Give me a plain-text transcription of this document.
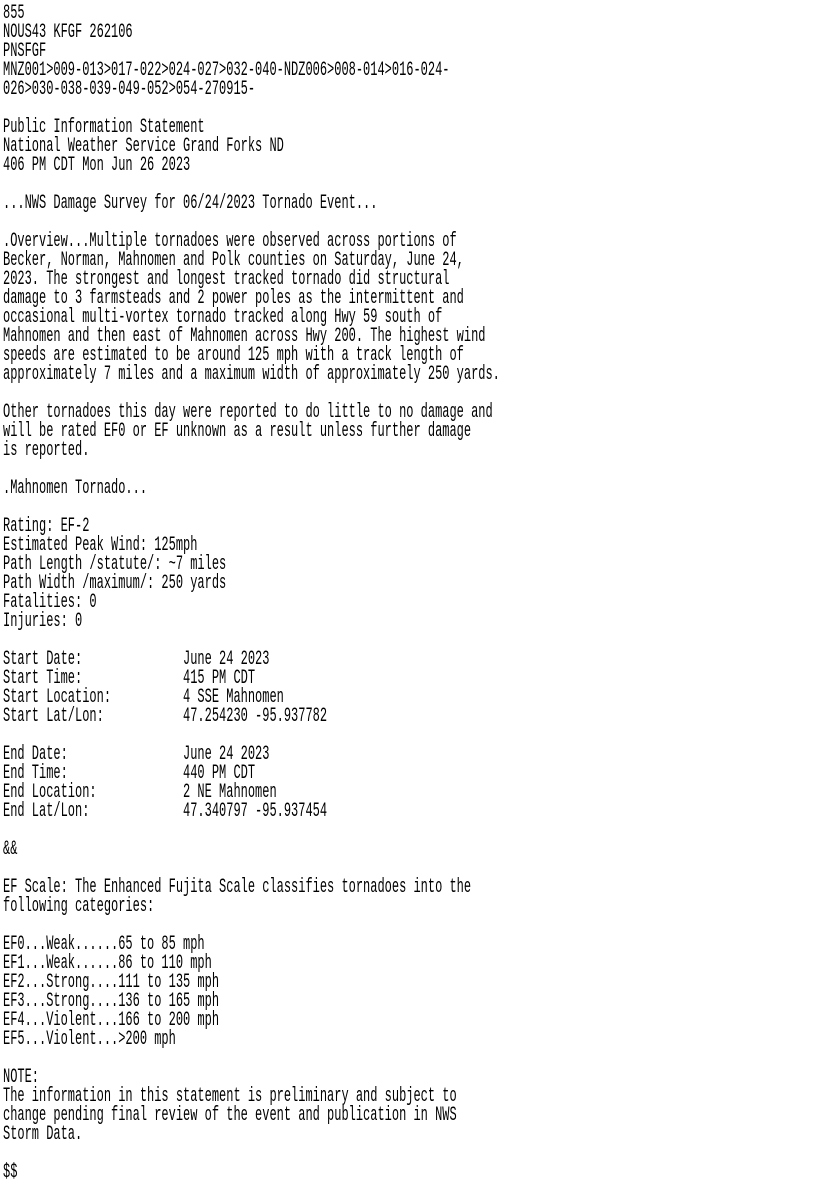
855
NOUS43 KFGF 262106
PNSFGF
MNZ001>009-013>017-022>024-027>032-040-NDZ006>008-014>016-024-
026>030-038-039-049-052>054-270915-
Public Information Statement
National Weather Service Grand Forks ND
406 PM CDT Mon Jun 26 2023
...NWS Damage Survey for 06/24/2023 Tornado Event...
.Overview...Multiple tornadoes were observed across portions of
Becker, Norman, Mahnomen and Polk counties on Saturday, June 24,
2023. The strongest and longest tracked tornado did structural
damage to 3 farmsteads and 2 power poles as the intermittent and
occasional multi-vortex tornado tracked along Hwy 59 south of
Mahnomen and then east of Mahnomen across Hwy 200. The highest wind
speeds are estimated to be around 125 mph with a track length of
approximately 7 miles and a maximum width of approximately 250 yards.
Other tornadoes this day were reported to do little to no damage and
will be rated EF0 or EF unknown as a result unless further damage
is reported.
.Mahnomen Tornado...
Rating: EF-2
Estimated Peak Wind: 125mph
Path Length /statute/: ~7 miles
Path Width /maximum/: 250 yards
Fatalities: 0
Injuries: 0
Start Date:              June 24 2023
Start Time:              415 PM CDT
Start Location:          4 SSE Mahnomen
Start Lat/Lon:           47.254230 -95.937782
End Date:                June 24 2023
End Time:                440 PM CDT
End Location:            2 NE Mahnomen
End Lat/Lon:             47.340797 -95.937454
&&
EF Scale: The Enhanced Fujita Scale classifies tornadoes into the
following categories:
EF0...Weak......65 to 85 mph
EF1...Weak......86 to 110 mph
EF2...Strong....111 to 135 mph
EF3...Strong....136 to 165 mph
EF4...Violent...166 to 200 mph
EF5...Violent...>200 mph
NOTE:
The information in this statement is preliminary and subject to
change pending final review of the event and publication in NWS
Storm Data.
$$
